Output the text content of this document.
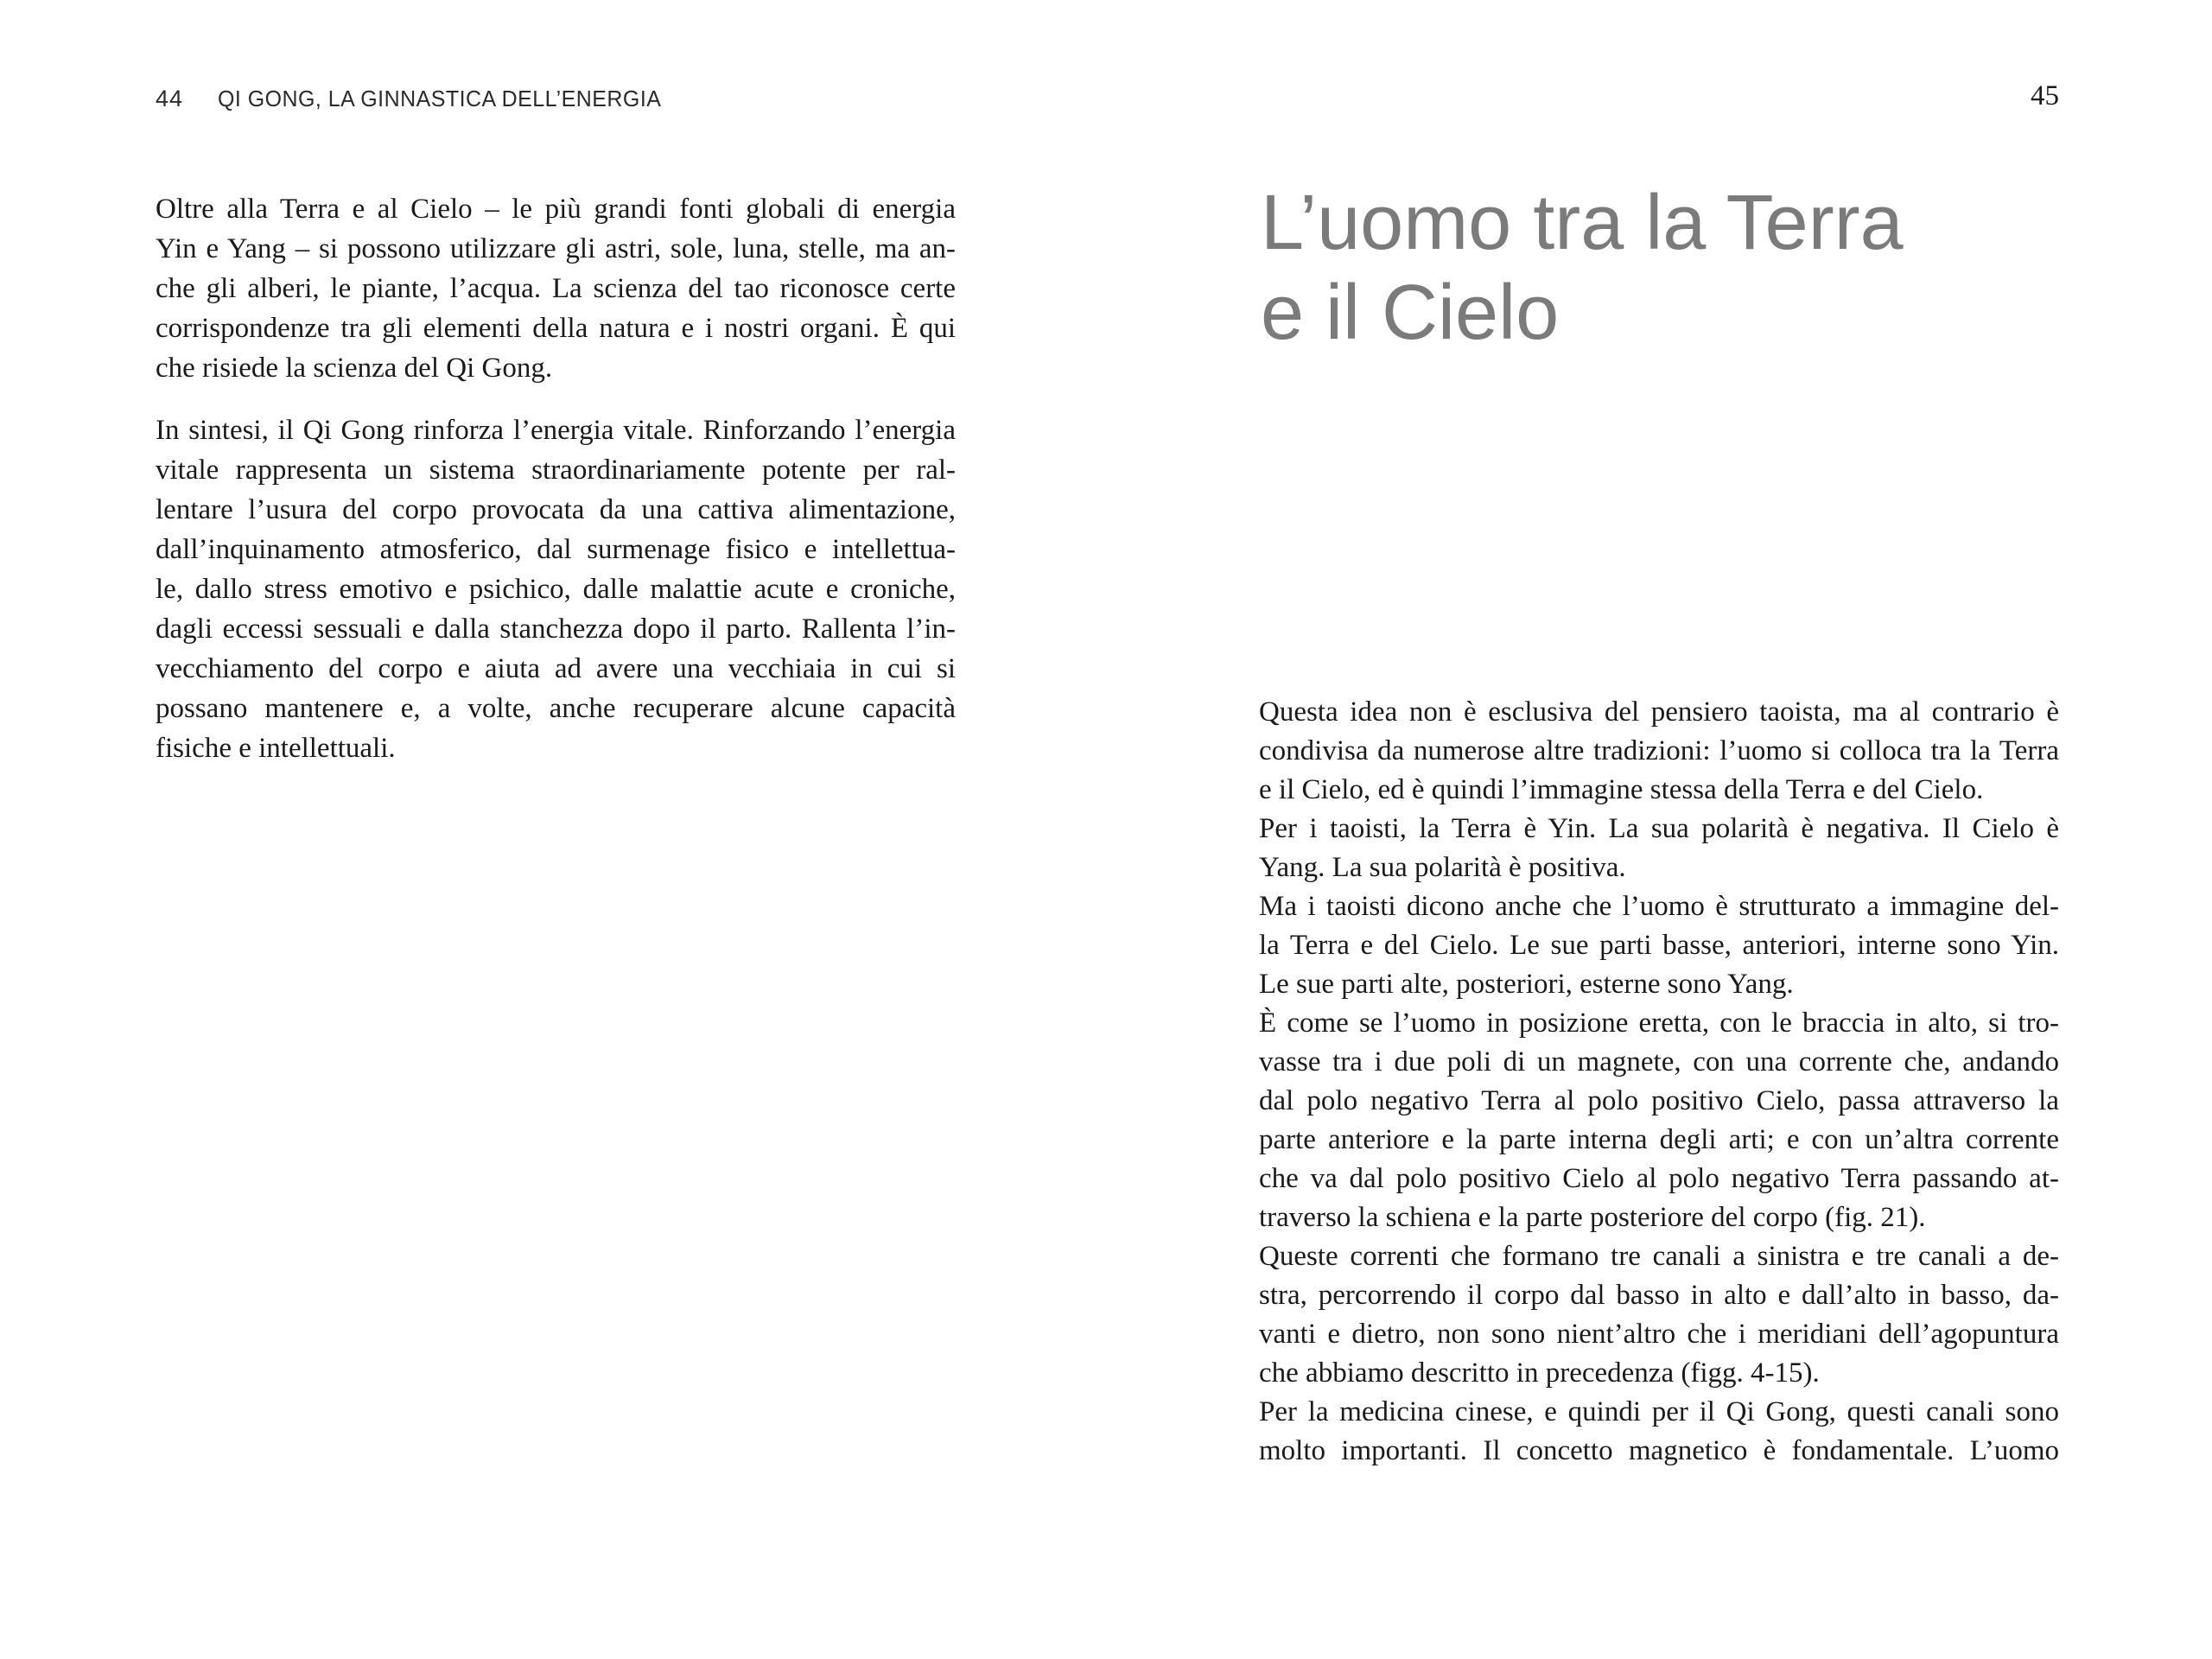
44	QI GONG, LA GINNASTICA DELL’ENERGIA	45
Oltre alla Terra e al Cielo – le più grandi fonti globali di energia
Yin e Yang – si possono utilizzare gli astri, sole, luna, stelle, ma an-
che gli alberi, le piante, l’acqua. La scienza del tao riconosce certe
corrispondenze tra gli elementi della natura e i nostri organi. È qui
che risiede la scienza del Qi Gong.
In sintesi, il Qi Gong rinforza l’energia vitale. Rinforzando l’energia
vitale rappresenta un sistema straordinariamente potente per ral-
lentare l’usura del corpo provocata da una cattiva alimentazione,
dall’inquinamento atmosferico, dal surmenage fisico e intellettua-
le, dallo stress emotivo e psichico, dalle malattie acute e croniche,
dagli eccessi sessuali e dalla stanchezza dopo il parto. Rallenta l’in-
vecchiamento del corpo e aiuta ad avere una vecchiaia in cui si
possano mantenere e, a volte, anche recuperare alcune capacità
fisiche e intellettuali.
L’uomo tra la Terra
e il Cielo
Questa idea non è esclusiva del pensiero taoista, ma al contrario è
condivisa da numerose altre tradizioni: l’uomo si colloca tra la Terra
e il Cielo, ed è quindi l’immagine stessa della Terra e del Cielo.
Per i taoisti, la Terra è Yin. La sua polarità è negativa. Il Cielo è
Yang. La sua polarità è positiva.
Ma i taoisti dicono anche che l’uomo è strutturato a immagine del-
la Terra e del Cielo. Le sue parti basse, anteriori, interne sono Yin.
Le sue parti alte, posteriori, esterne sono Yang.
È come se l’uomo in posizione eretta, con le braccia in alto, si tro-
vasse tra i due poli di un magnete, con una corrente che, andando
dal polo negativo Terra al polo positivo Cielo, passa attraverso la
parte anteriore e la parte interna degli arti; e con un’altra corrente
che va dal polo positivo Cielo al polo negativo Terra passando at-
traverso la schiena e la parte posteriore del corpo (fig. 21).
Queste correnti che formano tre canali a sinistra e tre canali a de-
stra, percorrendo il corpo dal basso in alto e dall’alto in basso, da-
vanti e dietro, non sono nient’altro che i meridiani dell’agopuntura
che abbiamo descritto in precedenza (figg. 4-15).
Per la medicina cinese, e quindi per il Qi Gong, questi canali sono
molto importanti. Il concetto magnetico è fondamentale. L’uomo
